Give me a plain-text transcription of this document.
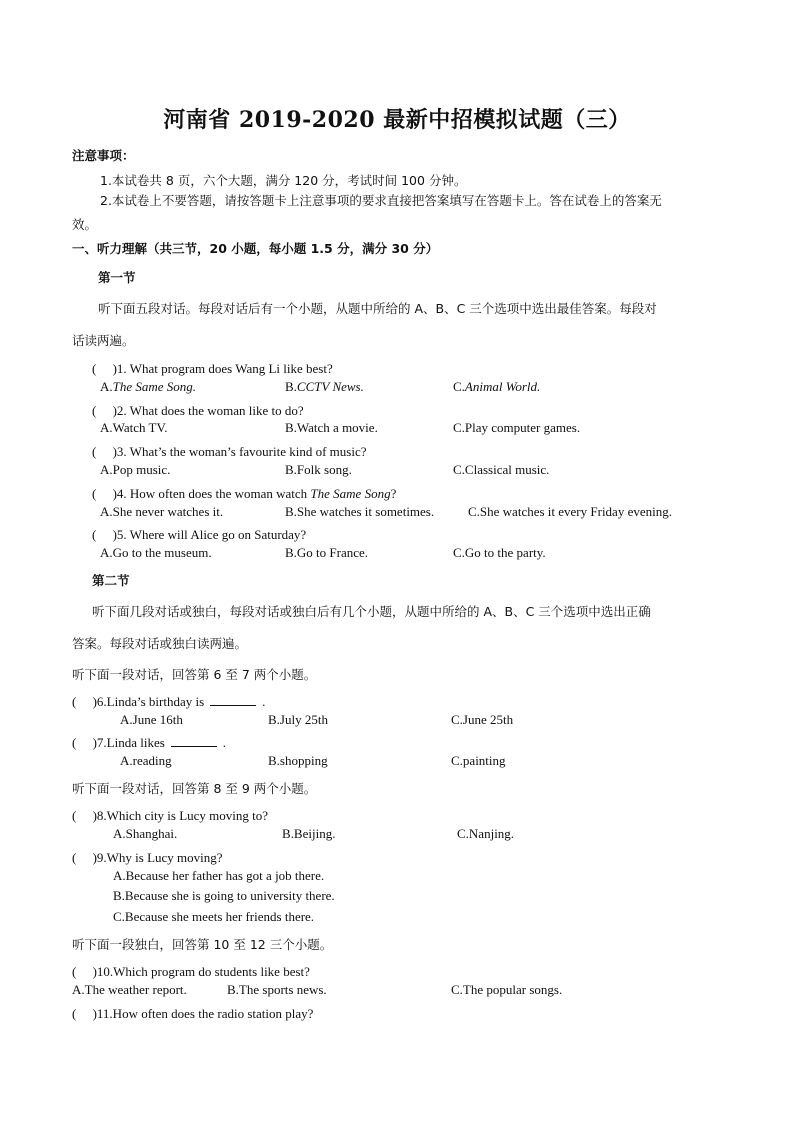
河南省 2019-2020 最新中招模拟试题（三）
注意事项：
1.本试卷共 8 页，六个大题，满分 120 分，考试时间 100 分钟。
2.本试卷上不要答题，请按答题卡上注意事项的要求直接把答案填写在答题卡上。答在试卷上的答案无
效。
一、听力理解（共三节，20 小题，每小题 1.5 分，满分 30 分）
第一节
听下面五段对话。每段对话后有一个小题，从题中所给的 A、B、C 三个选项中选出最佳答案。每段对
话读两遍。
(　 )1. What program does Wang Li like best?
A.The Same Song.	B.CCTV News.	C.Animal World.
(　 )2. What does the woman like to do?
A.Watch TV.	B.Watch a movie.	C.Play computer games.
(　 )3. What’s the woman’s favourite kind of music?
A.Pop music.	B.Folk song.	C.Classical music.
(　 )4. How often does the woman watch The Same Song?
A.She never watches it.	B.She watches it sometimes.	C.She watches it every Friday evening.
(　 )5. Where will Alice go on Saturday?
A.Go to the museum.	B.Go to France.	C.Go to the party.
第二节
听下面几段对话或独白，每段对话或独白后有几个小题，从题中所给的 A、B、C 三个选项中选出正确
答案。每段对话或独白读两遍。
听下面一段对话，回答第 6 至 7 两个小题。
(　 )6.Linda’s birthday is	.
A.June 16th	B.July 25th	C.June 25th
(　 )7.Linda likes	.
A.reading	B.shopping	C.painting
听下面一段对话，回答第 8 至 9 两个小题。
(　 )8.Which city is Lucy moving to?
A.Shanghai.	B.Beijing.	C.Nanjing.
(　 )9.Why is Lucy moving?
A.Because her father has got a job there.
B.Because she is going to university there.
C.Because she meets her friends there.
听下面一段独白，回答第 10 至 12 三个小题。
(　 )10.Which program do students like best?
A.The weather report.	B.The sports news.	C.The popular songs.
(　 )11.How often does the radio station play?
